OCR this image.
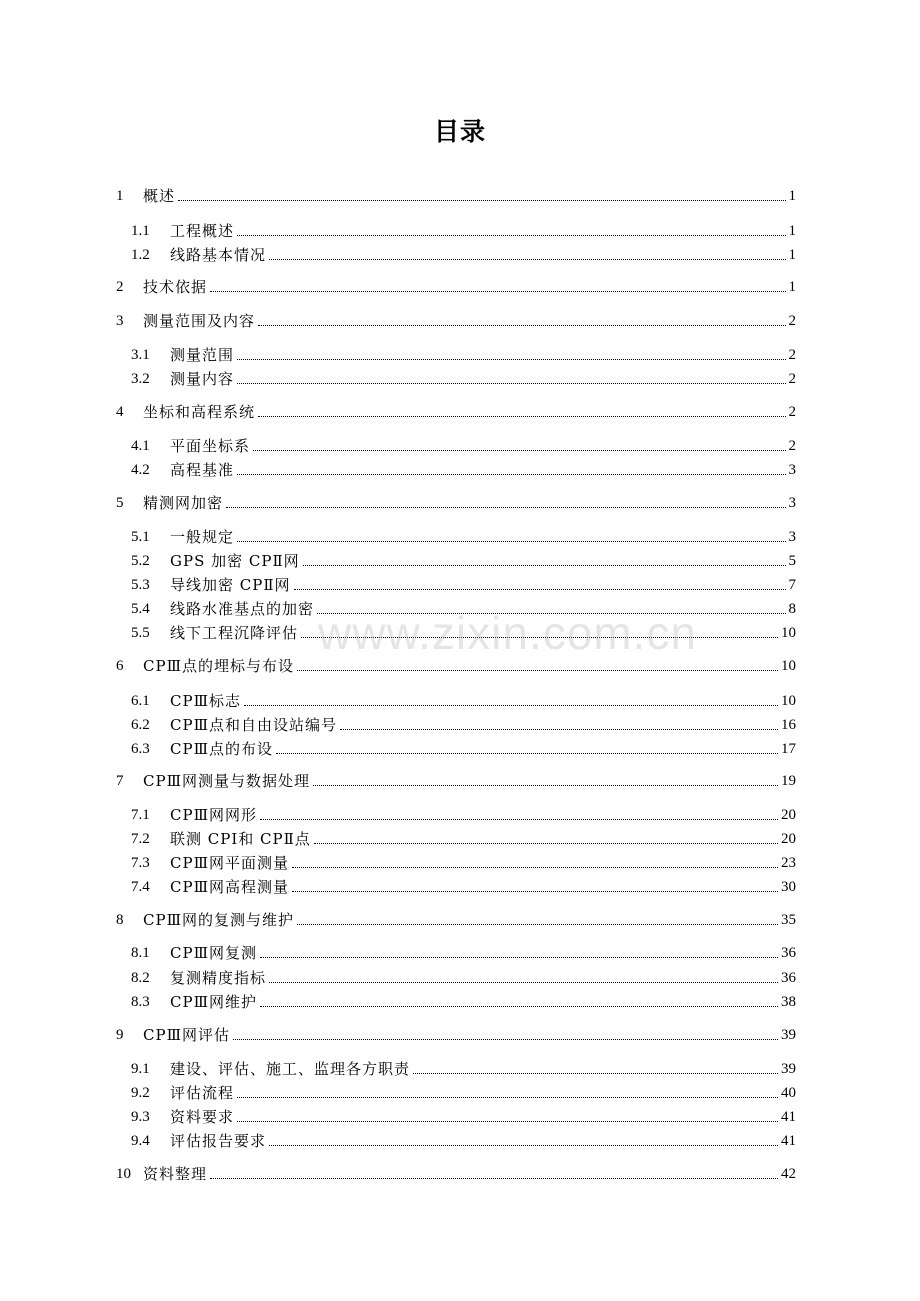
目录
1	概述	1
1.1	工程概述	1
1.2	线路基本情况	1
2	技术依据	1
3	测量范围及内容	2
3.1	测量范围	2
3.2	测量内容	2
4	坐标和高程系统	2
4.1	平面坐标系	2
4.2	高程基准	3
5	精测网加密	3
5.1	一般规定	3
5.2	GPS 加密 CPⅡ网	5
5.3	导线加密 CPⅡ网	7
5.4	线路水准基点的加密	8
5.5	线下工程沉降评估	10
6	CPⅢ点的埋标与布设	10
6.1	CPⅢ标志	10
6.2	CPⅢ点和自由设站编号	16
6.3	CPⅢ点的布设	17
7	CPⅢ网测量与数据处理	19
7.1	CPⅢ网网形	20
7.2	联测 CPⅠ和 CPⅡ点	20
7.3	CPⅢ网平面测量	23
7.4	CPⅢ网高程测量	30
8	CPⅢ网的复测与维护	35
8.1	CPⅢ网复测	36
8.2	复测精度指标	36
8.3	CPⅢ网维护	38
9	CPⅢ网评估	39
9.1	建设、评估、施工、监理各方职责	39
9.2	评估流程	40
9.3	资料要求	41
9.4	评估报告要求	41
10 资料整理	42
www.zixin.com.cn
